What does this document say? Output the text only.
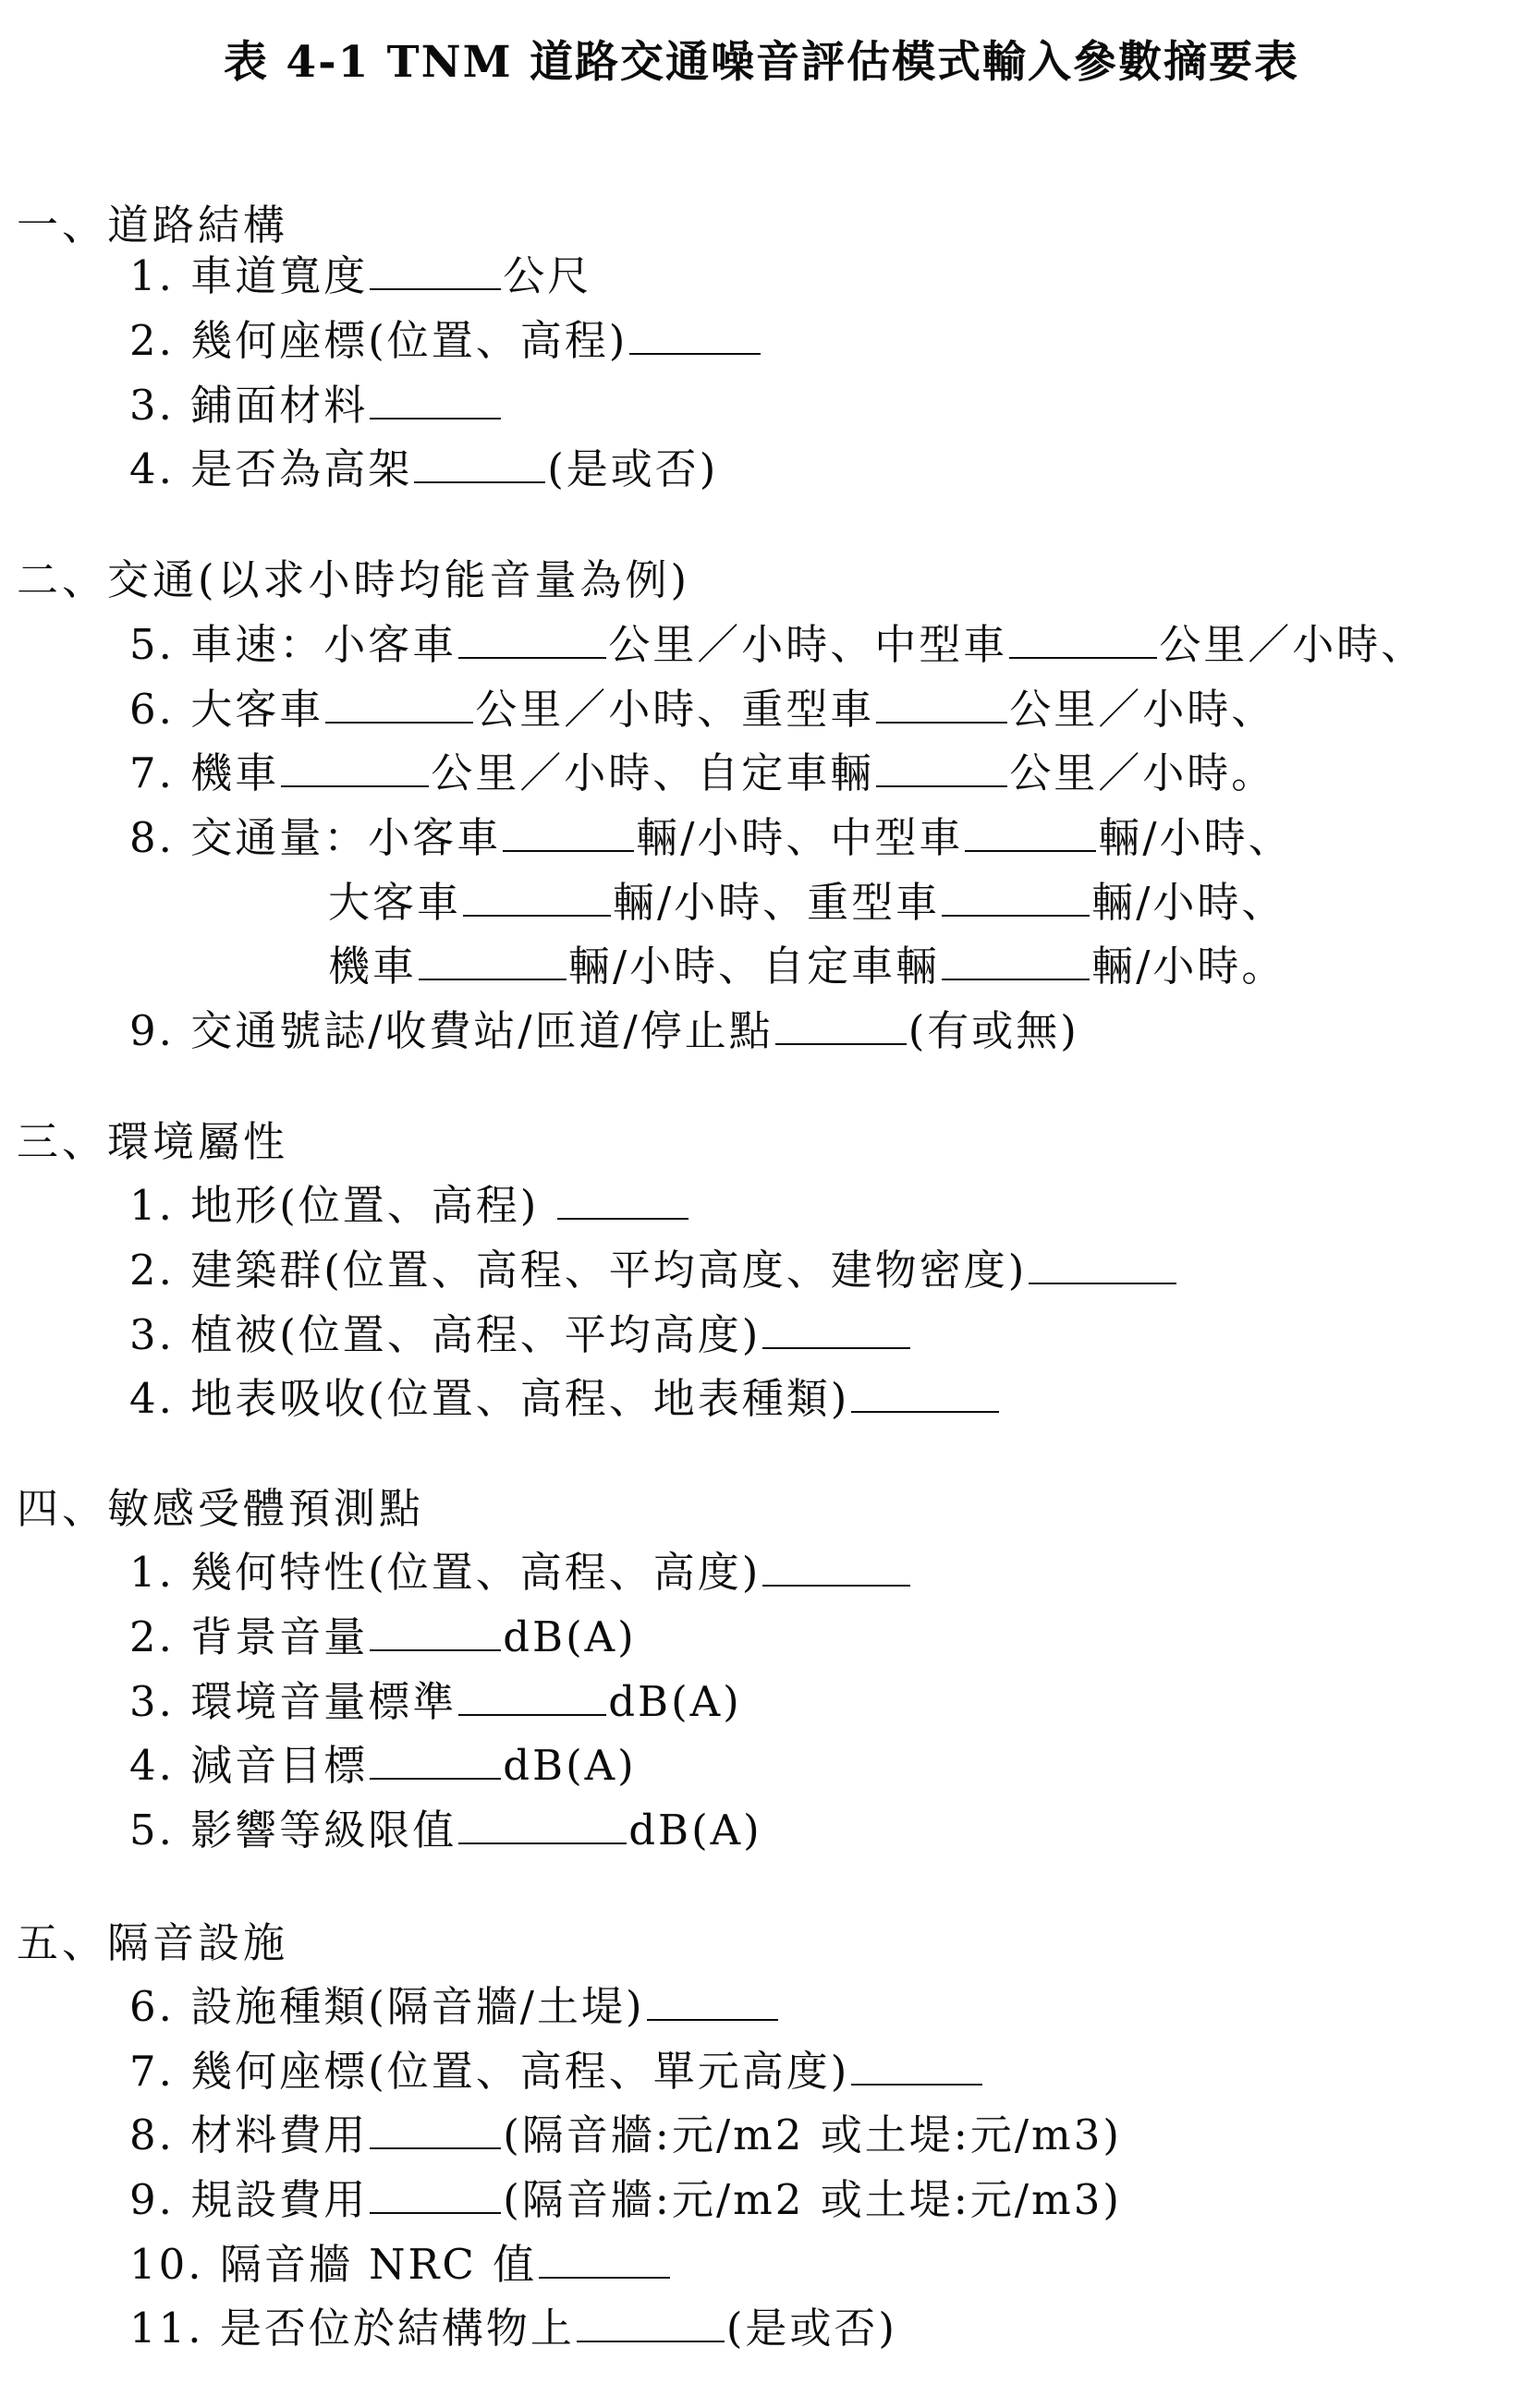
表 4-1 TNM 道路交通噪音評估模式輸入參數摘要表
一、道路結構
1. 車道寬度	公尺
2. 幾何座標(位置、高程)
3. 鋪面材料
4. 是否為高架	(是或否)
二、交通(以求小時均能音量為例)
5. 車速：小客車	公里／小時、中型車	公里／小時、
6. 大客車	公里／小時、重型車	公里／小時、
7. 機車	公里／小時、自定車輛	公里／小時。
8. 交通量：小客車	輛/小時、中型車	輛/小時、
大客車	輛/小時、重型車	輛/小時、
機車	輛/小時、自定車輛	輛/小時。
9. 交通號誌/收費站/匝道/停止點	(有或無)
三、環境屬性
1. 地形(位置、高程)
2. 建築群(位置、高程、平均高度、建物密度)
3. 植被(位置、高程、平均高度)
4. 地表吸收(位置、高程、地表種類)
四、敏感受體預測點
1. 幾何特性(位置、高程、高度)
2. 背景音量	dB(A)
3. 環境音量標準	dB(A)
4. 減音目標	dB(A)
5. 影響等級限值	dB(A)
五、隔音設施
6. 設施種類(隔音牆/土堤)
7. 幾何座標(位置、高程、單元高度)
8. 材料費用	(隔音牆:元/m2 或土堤:元/m3)
9. 規設費用	(隔音牆:元/m2 或土堤:元/m3)
10. 隔音牆 NRC 值
11. 是否位於結構物上	(是或否)
